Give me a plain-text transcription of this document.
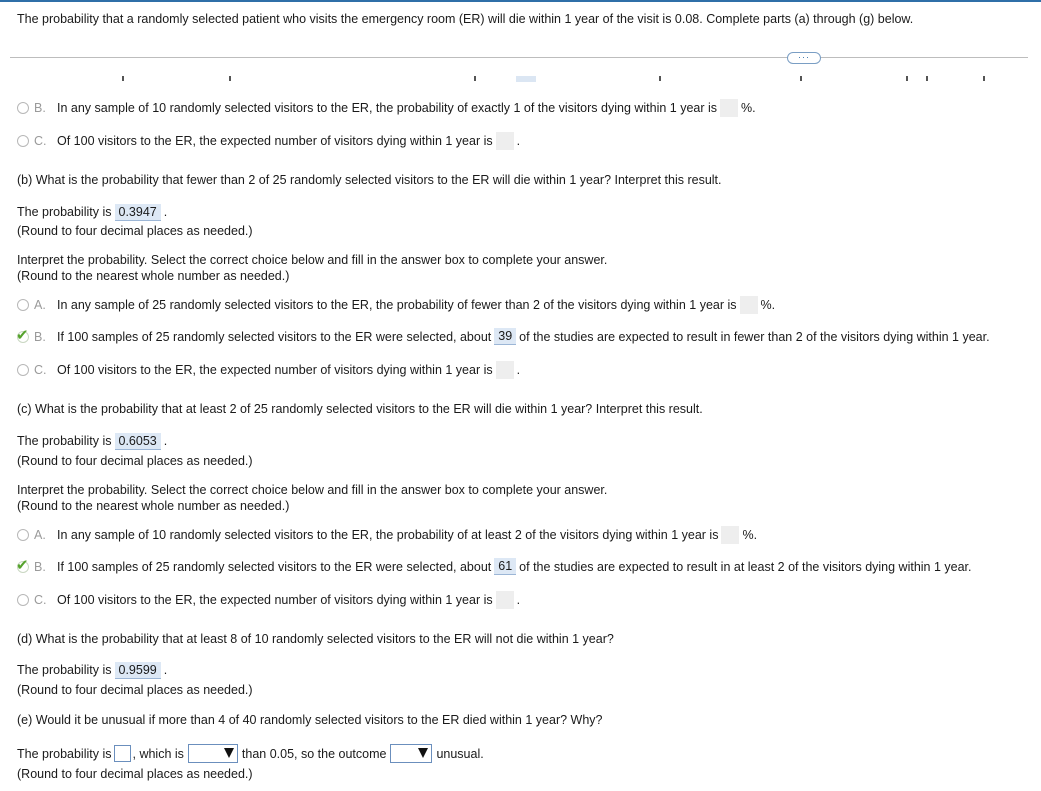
The probability that a randomly selected patient who visits the emergency room (ER) will die within 1 year of the visit is 0.08. Complete parts (a) through (g) below.
···
B. In any sample of 10 randomly selected visitors to the ER, the probability of exactly 1 of the visitors dying within 1 year is %.
C. Of 100 visitors to the ER, the expected number of visitors dying within 1 year is .
(b) What is the probability that fewer than 2 of 25 randomly selected visitors to the ER will die within 1 year? Interpret this result.
The probability is 0.3947 .
(Round to four decimal places as needed.)
Interpret the probability. Select the correct choice below and fill in the answer box to complete your answer.
(Round to the nearest whole number as needed.)
A. In any sample of 25 randomly selected visitors to the ER, the probability of fewer than 2 of the visitors dying within 1 year is %.
✔ B. If 100 samples of 25 randomly selected visitors to the ER were selected, about 39 of the studies are expected to result in fewer than 2 of the visitors dying within 1 year.
C. Of 100 visitors to the ER, the expected number of visitors dying within 1 year is .
(c) What is the probability that at least 2 of 25 randomly selected visitors to the ER will die within 1 year? Interpret this result.
The probability is 0.6053 .
(Round to four decimal places as needed.)
Interpret the probability. Select the correct choice below and fill in the answer box to complete your answer.
(Round to the nearest whole number as needed.)
A. In any sample of 10 randomly selected visitors to the ER, the probability of at least 2 of the visitors dying within 1 year is %.
✔ B. If 100 samples of 25 randomly selected visitors to the ER were selected, about 61 of the studies are expected to result in at least 2 of the visitors dying within 1 year.
C. Of 100 visitors to the ER, the expected number of visitors dying within 1 year is .
(d) What is the probability that at least 8 of 10 randomly selected visitors to the ER will not die within 1 year?
The probability is 0.9599 .
(Round to four decimal places as needed.)
(e) Would it be unusual if more than 4 of 40 randomly selected visitors to the ER died within 1 year? Why?
The probability is , which is	than 0.05, so the outcome	unusual.
(Round to four decimal places as needed.)
